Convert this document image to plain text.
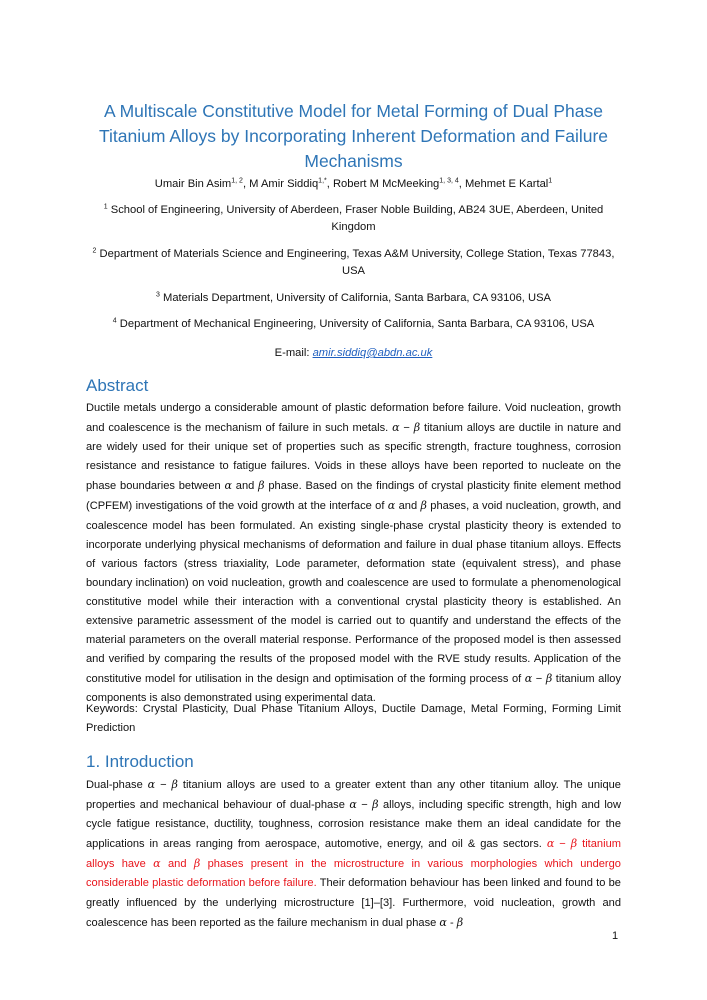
A Multiscale Constitutive Model for Metal Forming of Dual Phase Titanium Alloys by Incorporating Inherent Deformation and Failure Mechanisms
Umair Bin Asim$^{1, 2}$, M Amir Siddiq$^{1,*}$, Robert M McMeeking$^{1, 3, 4}$, Mehmet E Kartal$^1$
$^1$ School of Engineering, University of Aberdeen, Fraser Noble Building, AB24 3UE, Aberdeen, United Kingdom
$^2$ Department of Materials Science and Engineering, Texas A&M University, College Station, Texas 77843, USA
$^3$ Materials Department, University of California, Santa Barbara, CA 93106, USA
$^4$ Department of Mechanical Engineering, University of California, Santa Barbara, CA 93106, USA
E-mail: amir.siddiq@abdn.ac.uk
Abstract
Ductile metals undergo a considerable amount of plastic deformation before failure. Void nucleation, growth and coalescence is the mechanism of failure in such metals. α − β titanium alloys are ductile in nature and are widely used for their unique set of properties such as specific strength, fracture toughness, corrosion resistance and resistance to fatigue failures. Voids in these alloys have been reported to nucleate on the phase boundaries between α and β phase. Based on the findings of crystal plasticity finite element method (CPFEM) investigations of the void growth at the interface of α and β phases, a void nucleation, growth, and coalescence model has been formulated. An existing single-phase crystal plasticity theory is extended to incorporate underlying physical mechanisms of deformation and failure in dual phase titanium alloys. Effects of various factors (stress triaxiality, Lode parameter, deformation state (equivalent stress), and phase boundary inclination) on void nucleation, growth and coalescence are used to formulate a phenomenological constitutive model while their interaction with a conventional crystal plasticity theory is established. An extensive parametric assessment of the model is carried out to quantify and understand the effects of the material parameters on the overall material response. Performance of the proposed model is then assessed and verified by comparing the results of the proposed model with the RVE study results. Application of the constitutive model for utilisation in the design and optimisation of the forming process of α − β titanium alloy components is also demonstrated using experimental data.
Keywords: Crystal Plasticity, Dual Phase Titanium Alloys, Ductile Damage, Metal Forming, Forming Limit Prediction
1. Introduction
Dual-phase α − β titanium alloys are used to a greater extent than any other titanium alloy. The unique properties and mechanical behaviour of dual-phase α − β alloys, including specific strength, high and low cycle fatigue resistance, ductility, toughness, corrosion resistance make them an ideal candidate for the applications in areas ranging from aerospace, automotive, energy, and oil & gas sectors. α − β titanium alloys have α and β phases present in the microstructure in various morphologies which undergo considerable plastic deformation before failure. Their deformation behaviour has been linked and found to be greatly influenced by the underlying microstructure [1]–[3]. Furthermore, void nucleation, growth and coalescence has been reported as the failure mechanism in dual phase α - β
1
